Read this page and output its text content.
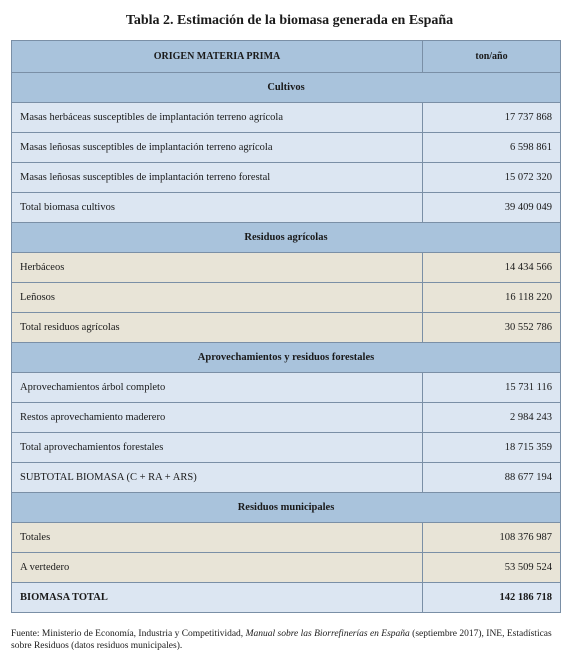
Tabla 2. Estimación de la biomasa generada en España
ORIGEN MATERIA PRIMA	ton/año
Cultivos	
Masas herbáceas susceptibles de implantación terreno agrícola	17 737 868
Masas leñosas susceptibles de implantación terreno agrícola	6 598 861
Masas leñosas susceptibles de implantación terreno forestal	15 072 320
Total biomasa cultivos	39 409 049
Residuos agrícolas	
Herbáceos	14 434 566
Leñosos	16 118 220
Total residuos agrícolas	30 552 786
Aprovechamientos y residuos forestales	
Aprovechamientos árbol completo	15 731 116
Restos aprovechamiento maderero	2 984 243
Total aprovechamientos forestales	18 715 359
SUBTOTAL BIOMASA (C + RA + ARS)	88 677 194
Residuos municipales	
Totales	108 376 987
A vertedero	53 509 524
BIOMASA TOTAL	142 186 718
Fuente: Ministerio de Economía, Industria y Competitividad, Manual sobre las Biorrefinerías en España (septiembre 2017), INE, Estadísticas sobre Residuos (datos residuos municipales).
